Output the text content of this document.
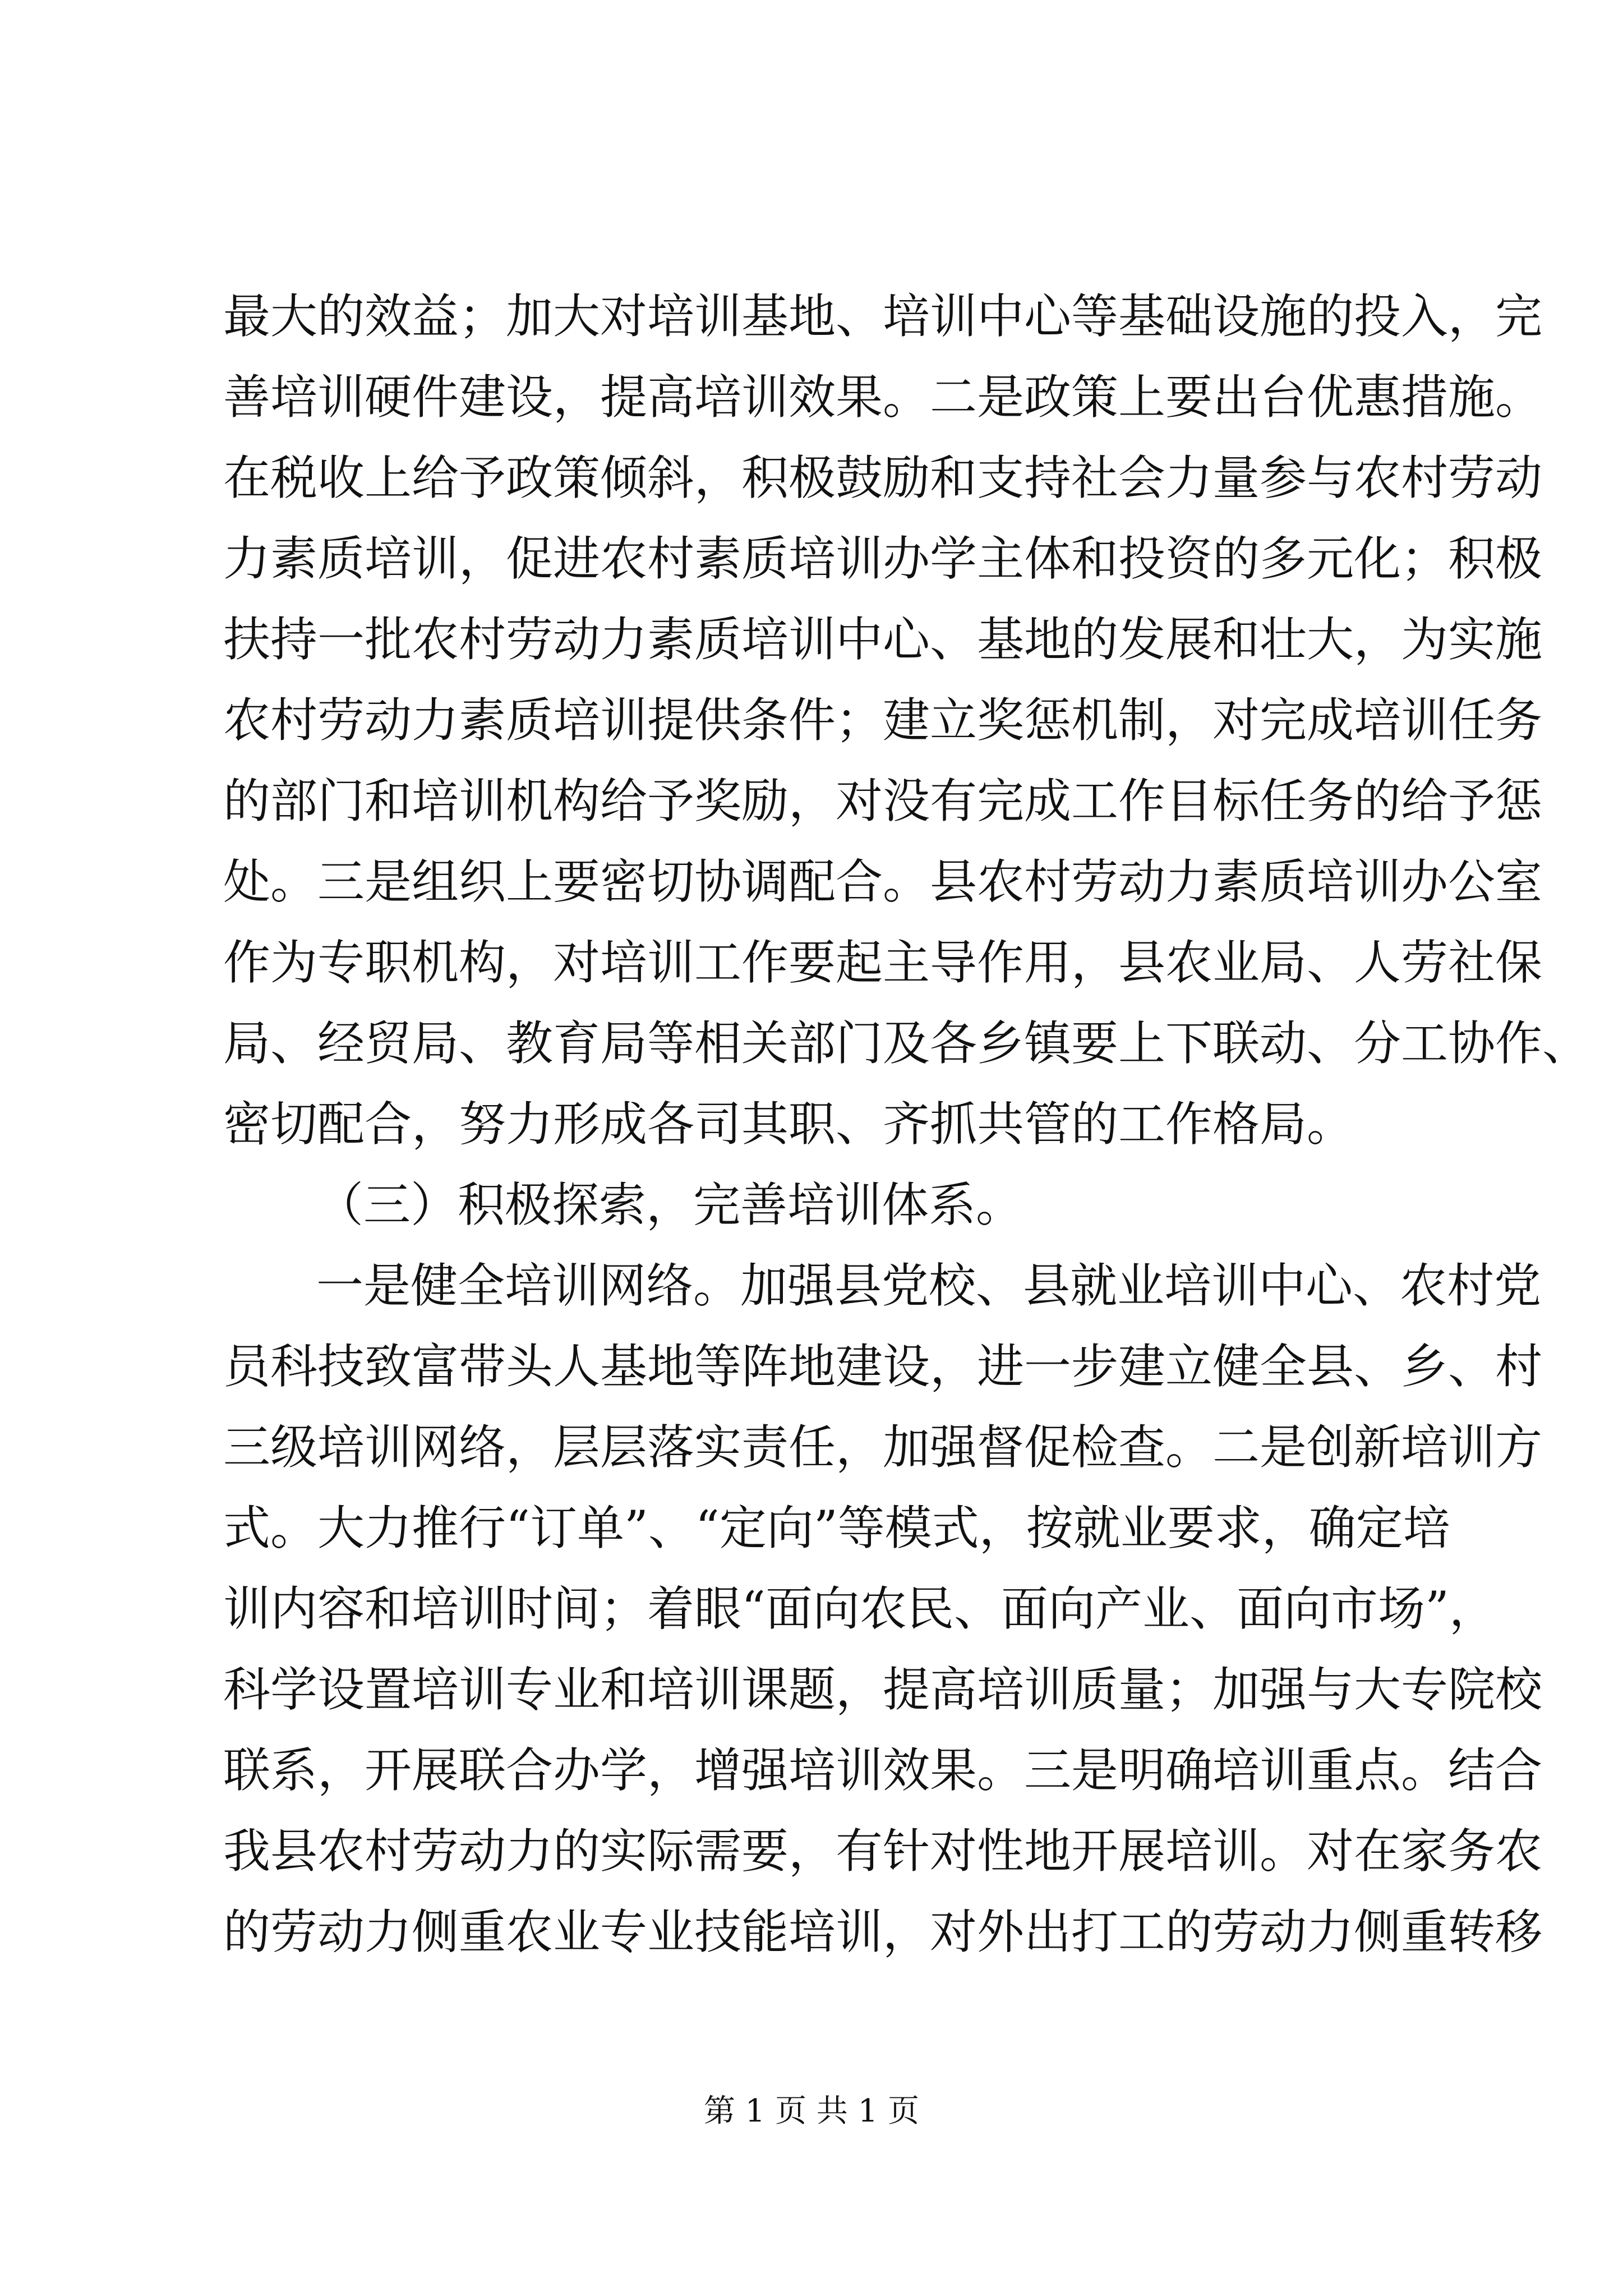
最大的效益；加大对培训基地、培训中心等基础设施的投入，完
善培训硬件建设，提高培训效果。二是政策上要出台优惠措施。
在税收上给予政策倾斜，积极鼓励和支持社会力量参与农村劳动
力素质培训，促进农村素质培训办学主体和投资的多元化；积极
扶持一批农村劳动力素质培训中心、基地的发展和壮大，为实施
农村劳动力素质培训提供条件；建立奖惩机制，对完成培训任务
的部门和培训机构给予奖励，对没有完成工作目标任务的给予惩
处。三是组织上要密切协调配合。县农村劳动力素质培训办公室
作为专职机构，对培训工作要起主导作用，县农业局、人劳社保
局、经贸局、教育局等相关部门及各乡镇要上下联动、分工协作、
密切配合，努力形成各司其职、齐抓共管的工作格局。
（三）积极探索，完善培训体系。
一是健全培训网络。加强县党校、县就业培训中心、农村党
员科技致富带头人基地等阵地建设，进一步建立健全县、乡、村
三级培训网络，层层落实责任，加强督促检查。二是创新培训方
式。大力推行“订单”、“定向”等模式，按就业要求，确定培
训内容和培训时间；着眼“面向农民、面向产业、面向市场”，
科学设置培训专业和培训课题，提高培训质量；加强与大专院校
联系，开展联合办学，增强培训效果。三是明确培训重点。结合
我县农村劳动力的实际需要，有针对性地开展培训。对在家务农
的劳动力侧重农业专业技能培训，对外出打工的劳动力侧重转移
第 1 页 共 1 页
